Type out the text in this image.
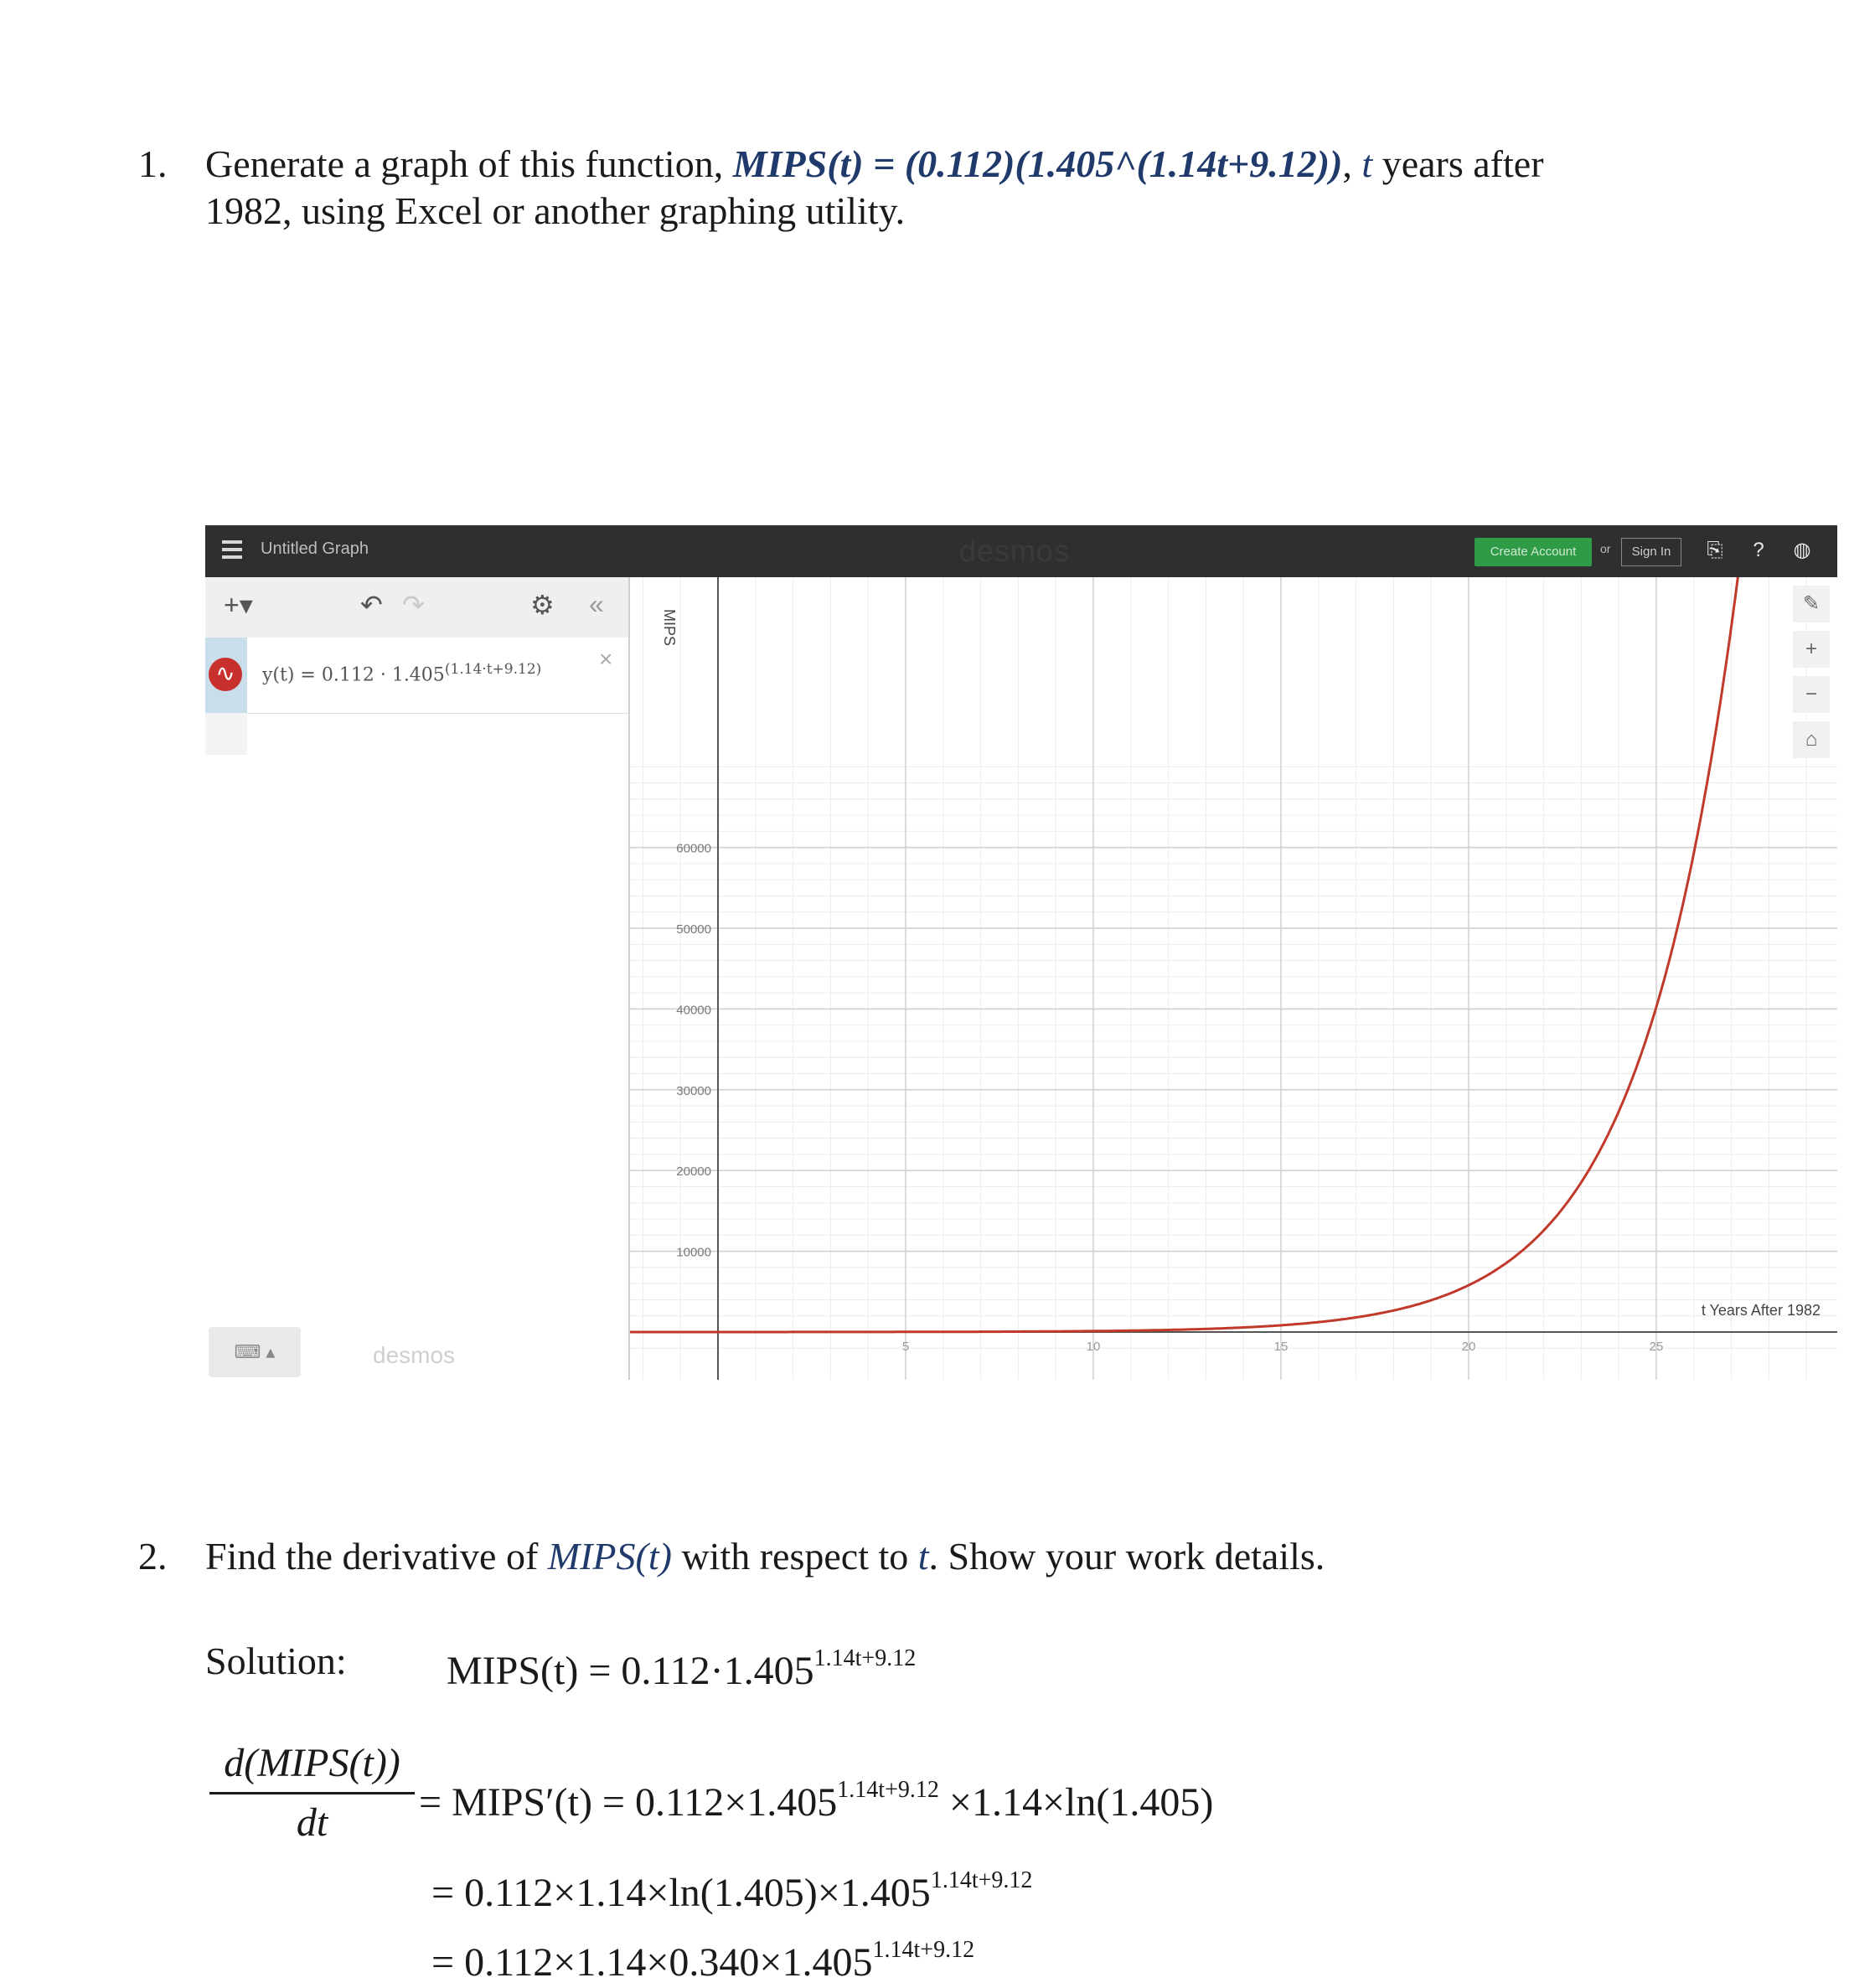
1. Generate a graph of this function, MIPS(t) = (0.112)(1.405^(1.14t+9.12)), t years after
1982, using Excel or another graphing utility.
Untitled Graph	desmos	Create Account	or	Sign In	⎘	?	◍
+▾	↶ ↷	⚙ «
∿	$y(t) = 0.112 \cdot 1.405^{(1.14\cdot t+9.12)}$ ×
⌨ ▴	desmos
10000
20000
30000
40000
50000
60000
5	10	15	20	25
MIPS
t Years After 1982
✎
+
−
⌂
2. Find the derivative of MIPS(t) with respect to t. Show your work details.
Solution: MIPS(t) = $0.112\cdot 1.405^{1.14t+9.12}$
d(MIPS(t))
dt	= MIPS′(t) = $0.112\times 1.405^{1.14t+9.12} \times 1.14\times\ln(1.405)$
= $0.112\times 1.14\times\ln(1.405)\times 1.405^{1.14t+9.12}$
= $0.112\times 1.14\times 0.340\times 1.405^{1.14t+9.12}$
